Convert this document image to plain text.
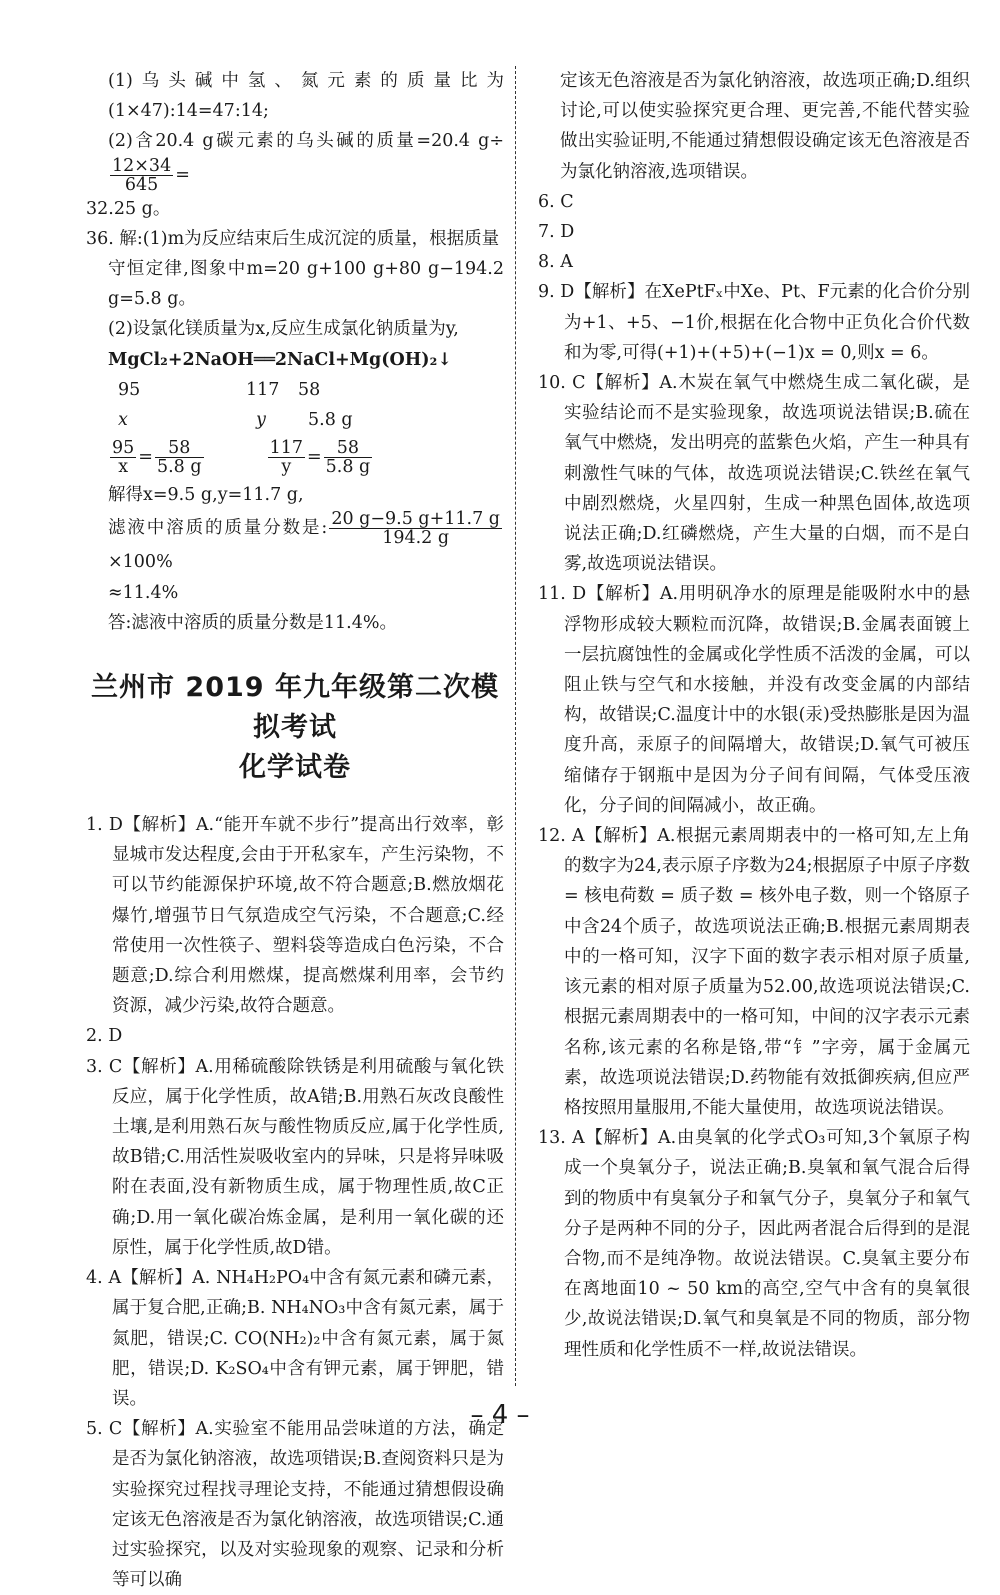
(1)乌头碱中氢、氮元素的质量比为(1×47):14=47:14;

(2)含20.4 g碳元素的乌头碱的质量=20.4 g÷
$\frac{12\times 34}{645}$ =

32.25 g。

36. 解:(1)m为反应结束后生成沉淀的质量，根据质量

守恒定律,图象中m=20 g+100 g+80 g−194.2 g=5.8 g。

(2)设氯化镁质量为x,反应生成氯化钠质量为y,

MgCl₂+2NaOH══2NaCl+Mg(OH)₂↓

95	117	58
x	y	5.8 g
$\frac{95}{x} = \frac{58}{5.8 g}$	$\frac{117}{y} = \frac{58}{5.8 g}$

解得x=9.5 g,y=11.7 g,

滤液中溶质的质量分数是: $\frac{20 g-9.5 g+11.7 g}{194.2 g}$
×100%

≈11.4%

答:滤液中溶质的质量分数是11.4%。

兰州市 2019 年九年级第二次模拟考试
化学试卷

1. D【解析】A.“能开车就不步行”提高出行效率，彰显城市发达程度,会由于开私家车，产生污染物，不可以节约能源保护环境,故不符合题意;B.燃放烟花爆竹,增强节日气氛造成空气污染，不合题意;C.经常使用一次性筷子、塑料袋等造成白色污染，不合题意;D.综合利用燃煤，提高燃煤利用率，会节约资源，减少污染,故符合题意。

2. D

3. C【解析】A.用稀硫酸除铁锈是利用硫酸与氧化铁反应，属于化学性质，故A错;B.用熟石灰改良酸性土壤,是利用熟石灰与酸性物质反应,属于化学性质,故B错;C.用活性炭吸收室内的异味，只是将异味吸附在表面,没有新物质生成，属于物理性质,故C正确;D.用一氧化碳冶炼金属，是利用一氧化碳的还原性，属于化学性质,故D错。

4. A【解析】A. NH₄H₂PO₄中含有氮元素和磷元素，属于复合肥,正确;B. NH₄NO₃中含有氮元素，属于氮肥，错误;C. CO(NH₂)₂中含有氮元素，属于氮肥，错误;D. K₂SO₄中含有钾元素，属于钾肥，错误。

5. C【解析】A.实验室不能用品尝味道的方法，确定是否为氯化钠溶液，故选项错误;B.查阅资料只是为实验探究过程找寻理论支持，不能通过猜想假设确定该无色溶液是否为氯化钠溶液，故选项错误;C.通过实验探究，以及对实验现象的观察、记录和分析等可以确

定该无色溶液是否为氯化钠溶液，故选项正确;D.组织讨论,可以使实验探究更合理、更完善,不能代替实验做出实验证明,不能通过猜想假设确定该无色溶液是否为氯化钠溶液,选项错误。

6. C

7. D

8. A

9. D【解析】在XePtFₓ中Xe、Pt、F元素的化合价分别为+1、+5、−1价,根据在化合物中正负化合价代数和为零,可得(+1)+(+5)+(−1)x = 0,则x = 6。

10. C【解析】A.木炭在氧气中燃烧生成二氧化碳，是实验结论而不是实验现象，故选项说法错误;B.硫在氧气中燃烧，发出明亮的蓝紫色火焰，产生一种具有刺激性气味的气体，故选项说法错误;C.铁丝在氧气中剧烈燃烧，火星四射，生成一种黑色固体,故选项说法正确;D.红磷燃烧，产生大量的白烟，而不是白雾,故选项说法错误。

11. D【解析】A.用明矾净水的原理是能吸附水中的悬浮物形成较大颗粒而沉降，故错误;B.金属表面镀上一层抗腐蚀性的金属或化学性质不活泼的金属，可以阻止铁与空气和水接触，并没有改变金属的内部结构，故错误;C.温度计中的水银(汞)受热膨胀是因为温度升高，汞原子的间隔增大，故错误;D.氧气可被压缩储存于钢瓶中是因为分子间有间隔，气体受压液化，分子间的间隔减小，故正确。

12. A【解析】A.根据元素周期表中的一格可知,左上角的数字为24,表示原子序数为24;根据原子中原子序数 = 核电荷数 = 质子数 = 核外电子数，则一个铬原子中含24个质子，故选项说法正确;B.根据元素周期表中的一格可知，汉字下面的数字表示相对原子质量,该元素的相对原子质量为52.00,故选项说法错误;C.根据元素周期表中的一格可知，中间的汉字表示元素名称,该元素的名称是铬,带“钅”字旁，属于金属元素，故选项说法错误;D.药物能有效抵御疾病,但应严格按照用量服用,不能大量使用，故选项说法错误。

13. A【解析】A.由臭氧的化学式O₃可知,3个氧原子构成一个臭氧分子，说法正确;B.臭氧和氧气混合后得到的物质中有臭氧分子和氧气分子，臭氧分子和氧气分子是两种不同的分子，因此两者混合后得到的是混合物,而不是纯净物。故说法错误。C.臭氧主要分布在离地面10 ~ 50 km的高空,空气中含有的臭氧很少,故说法错误;D.氧气和臭氧是不同的物质，部分物理性质和化学性质不一样,故说法错误。

– 4 –
